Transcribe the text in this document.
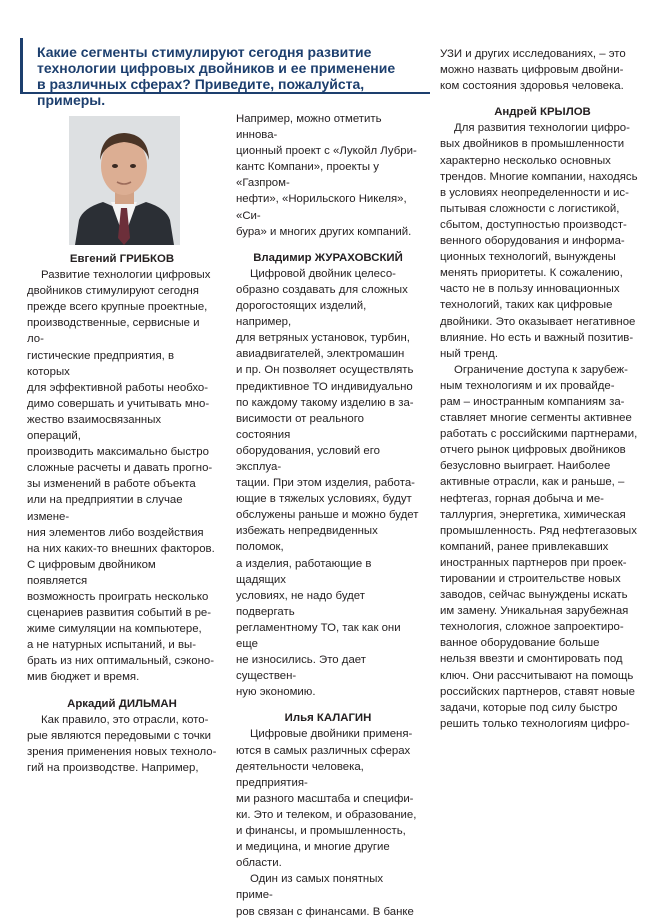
Какие сегменты стимулируют сегодня развитие
технологии цифровых двойников и ее применение
в различных сферах? Приведите, пожалуйста, примеры.

Евгений ГРИБКОВ

Развитие технологии цифровых
двойников стимулируют сегодня
прежде всего крупные проектные,
производственные, сервисные и ло-
гистические предприятия, в которых
для эффективной работы необхо-
димо совершать и учитывать мно-
жество взаимосвязанных операций,
производить максимально быстро
сложные расчеты и давать прогно-
зы изменений в работе объекта
или на предприятии в случае измене-
ния элементов либо воздействия
на них каких-то внешних факторов.
С цифровым двойником появляется
возможность проиграть несколько
сценариев развития событий в ре-
жиме симуляции на компьютере,
а не натурных испытаний, и вы-
брать из них оптимальный, сэконо-
мив бюджет и время.

Аркадий ДИЛЬМАН

Как правило, это отрасли, кото-
рые являются передовыми с точки
зрения применения новых техноло-
гий на производстве. Например,

Например, можно отметить иннова-
ционный проект с «Лукойл Лубри-
кантс Компани», проекты у «Газпром-
нефти», «Норильского Никеля», «Си-
бура» и многих других компаний.

Владимир ЖУРАХОВСКИЙ

Цифровой двойник целесо-
образно создавать для сложных
дорогостоящих изделий, например,
для ветряных установок, турбин,
авиадвигателей, электромашин
и пр. Он позволяет осуществлять
предиктивное ТО индивидуально
по каждому такому изделию в за-
висимости от реального состояния
оборудования, условий его эксплуа-
тации. При этом изделия, работа-
ющие в тяжелых условиях, будут
обслужены раньше и можно будет
избежать непредвиденных поломок,
а изделия, работающие в щадящих
условиях, не надо будет подвергать
регламентному ТО, так как они еще
не износились. Это дает существен-
ную экономию.

Илья КАЛАГИН

Цифровые двойники применя-
ются в самых различных сферах
деятельности человека, предприятия-
ми разного масштаба и специфи-
ки. Это и телеком, и образование,
и финансы, и промышленность,
и медицина, и многие другие
области.

Один из самых понятных приме-
ров связан с финансами. В банке

УЗИ и других исследованиях, – это
можно назвать цифровым двойни-
ком состояния здоровья человека.

Андрей КРЫЛОВ

Для развития технологии цифро-
вых двойников в промышленности
характерно несколько основных
трендов. Многие компании, находясь
в условиях неопределенности и ис-
пытывая сложности с логистикой,
сбытом, доступностью производст-
венного оборудования и информа-
ционных технологий, вынуждены
менять приоритеты. К сожалению,
часто не в пользу инновационных
технологий, таких как цифровые
двойники. Это оказывает негативное
влияние. Но есть и важный позитив-
ный тренд.

Ограничение доступа к зарубеж-
ным технологиям и их провайде-
рам – иностранным компаниям за-
ставляет многие сегменты активнее
работать с российскими партнерами,
отчего рынок цифровых двойников
безусловно выиграет. Наиболее
активные отрасли, как и раньше, –
нефтегаз, горная добыча и ме-
таллургия, энергетика, химическая
промышленность. Ряд нефтегазовых
компаний, ранее привлекавших
иностранных партнеров при проек-
тировании и строительстве новых
заводов, сейчас вынуждены искать
им замену. Уникальная зарубежная
технология, сложное запроектиро-
ванное оборудование больше
нельзя ввезти и смонтировать под
ключ. Они рассчитывают на помощь
российских партнеров, ставят новые
задачи, которые под силу быстро
решить только технологиям цифро-
